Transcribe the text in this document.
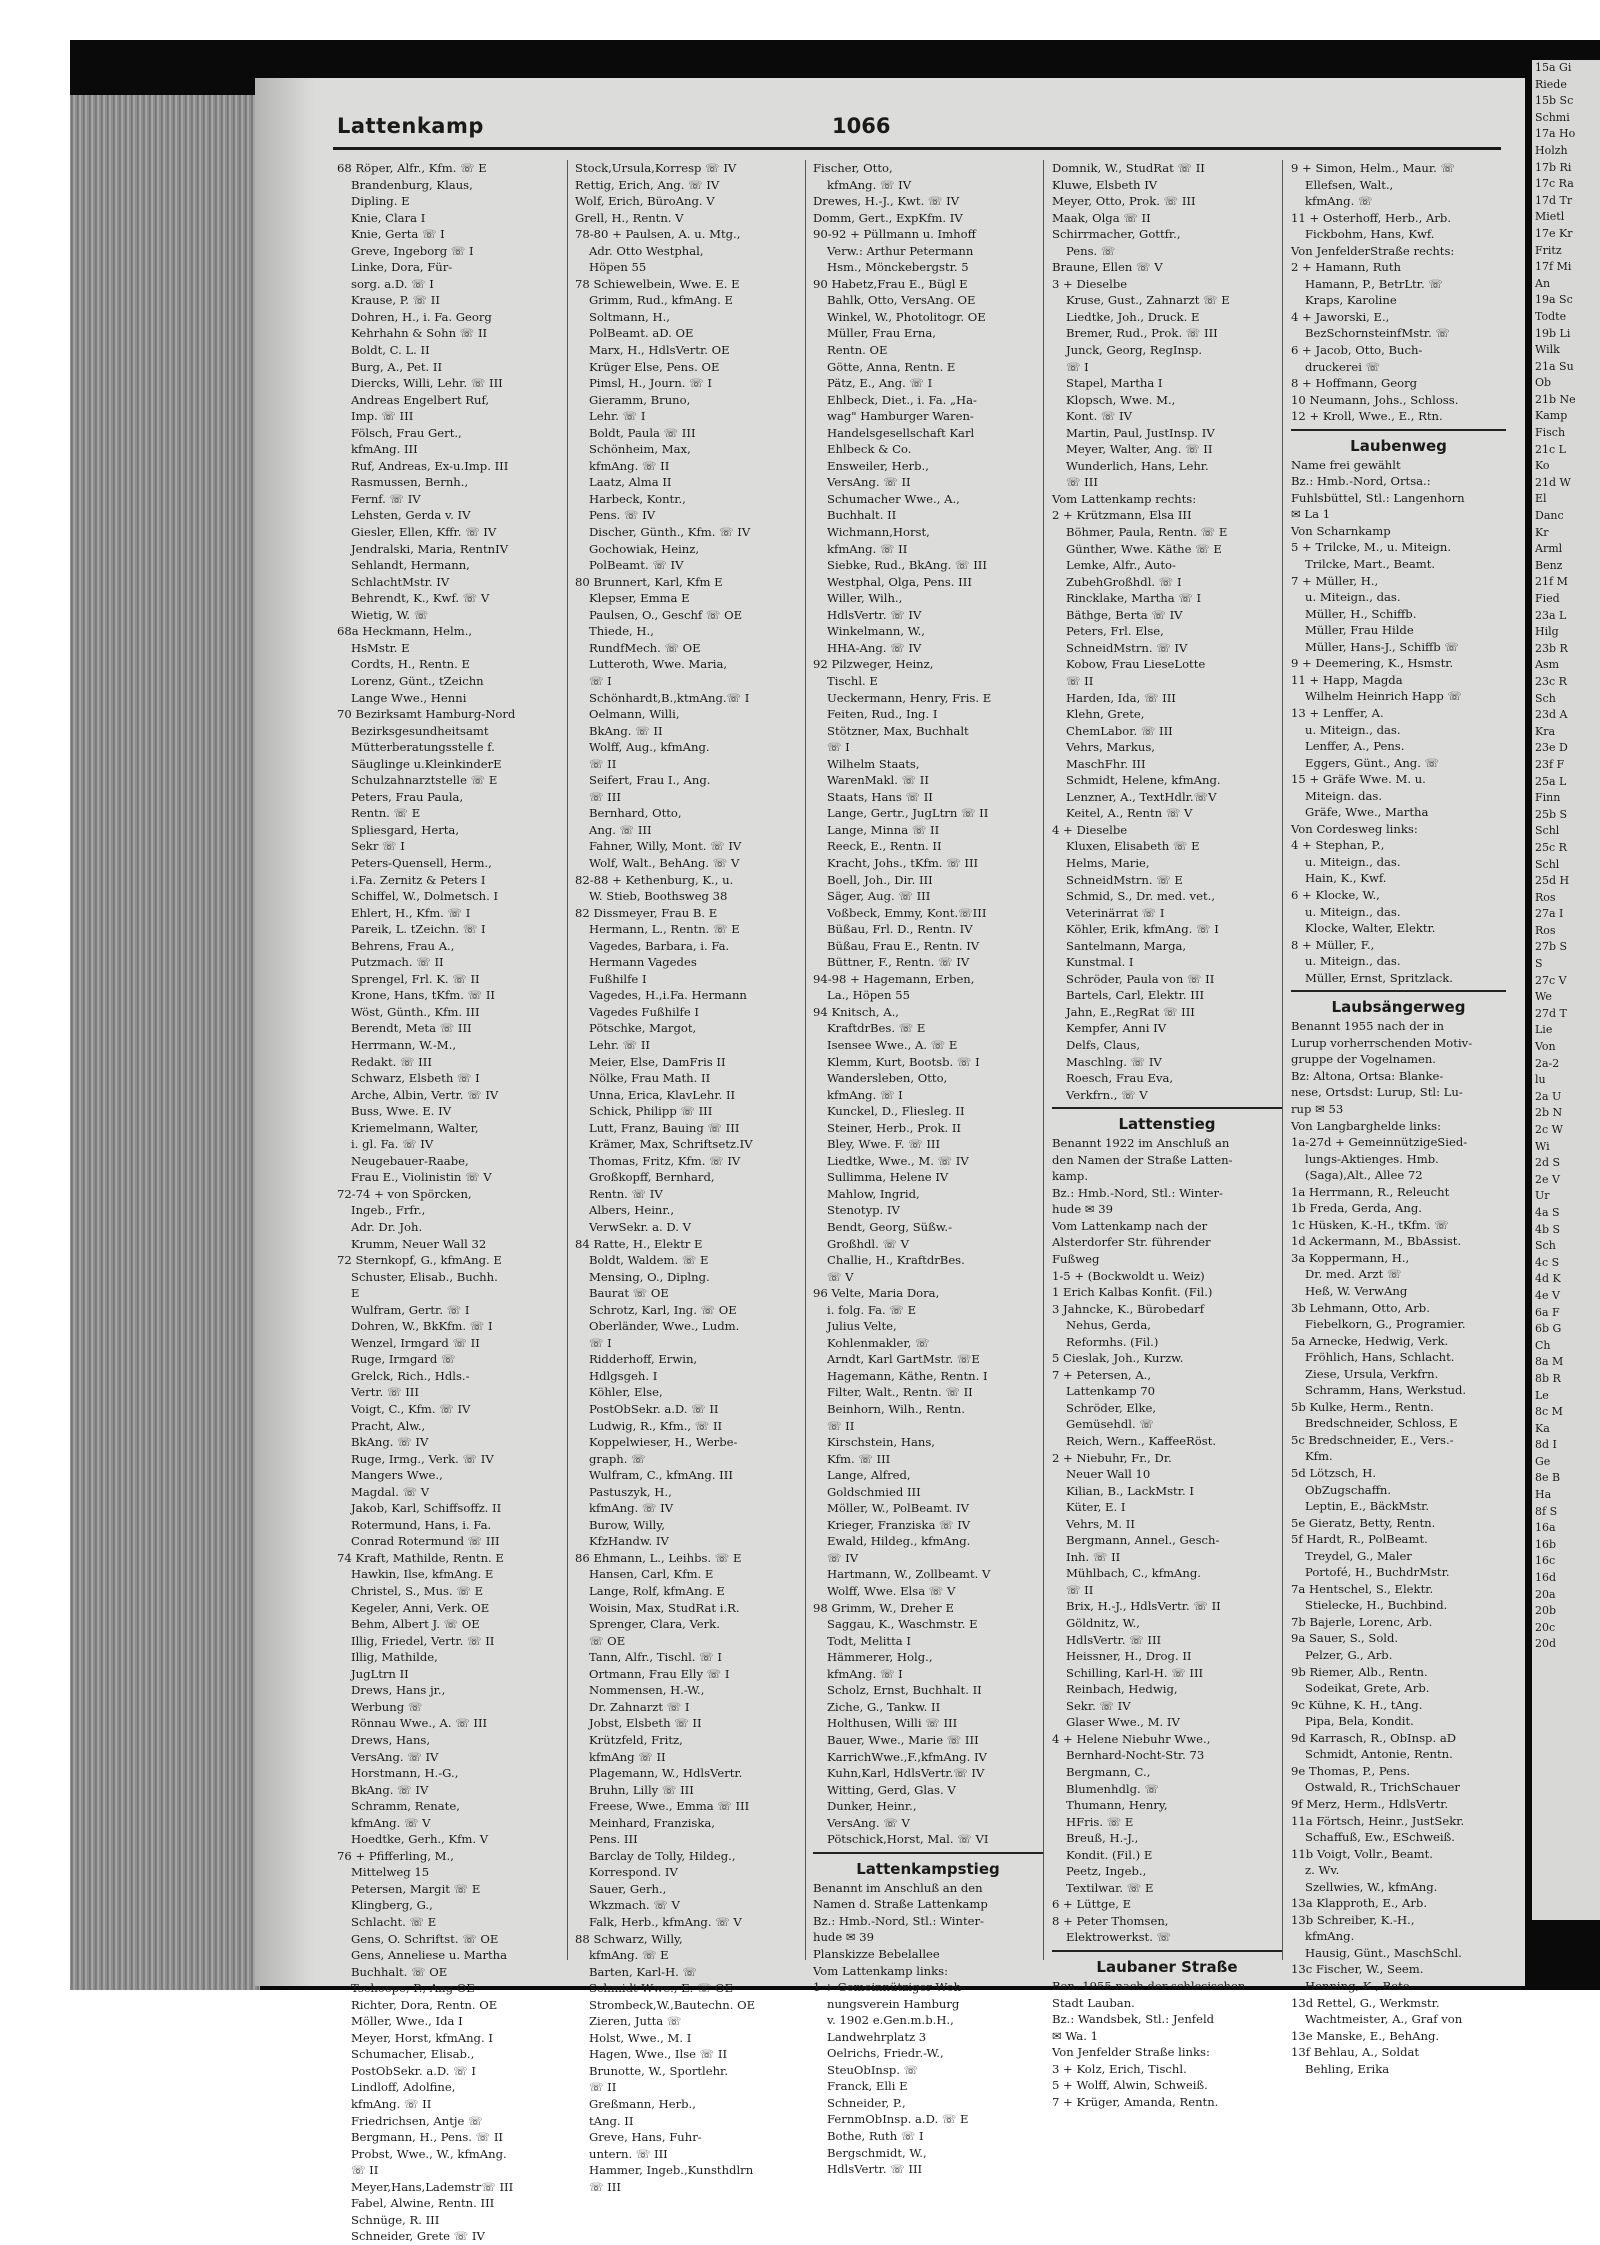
Lattenkamp	1066
68 Röper, Alfr., Kfm. ☏ E
Brandenburg, Klaus,
Dipling. E
Knie, Clara I
Knie, Gerta ☏ I
Greve, Ingeborg ☏ I
Linke, Dora, Für-
sorg. a.D. ☏ I
Krause, P. ☏ II
Dohren, H., i. Fa. Georg
Kehrhahn & Sohn ☏ II
Boldt, C. L. II
Burg, A., Pet. II
Diercks, Willi, Lehr. ☏ III
Andreas Engelbert Ruf,
Imp. ☏ III
Fölsch, Frau Gert.,
kfmAng. III
Ruf, Andreas, Ex-u.Imp. III
Rasmussen, Bernh.,
Fernf. ☏ IV
Lehsten, Gerda v. IV
Giesler, Ellen, Kffr. ☏ IV
Jendralski, Maria, RentnIV
Sehlandt, Hermann,
SchlachtMstr. IV
Behrendt, K., Kwf. ☏ V
Wietig, W. ☏
68a Heckmann, Helm.,
HsMstr. E
Cordts, H., Rentn. E
Lorenz, Günt., tZeichn
Lange Wwe., Henni
70 Bezirksamt Hamburg-Nord
Bezirksgesundheitsamt
Mütterberatungsstelle f.
Säuglinge u.KleinkinderE
Schulzahnarztstelle ☏ E
Peters, Frau Paula,
Rentn. ☏ E
Spliesgard, Herta,
Sekr ☏ I
Peters-Quensell, Herm.,
i.Fa. Zernitz & Peters I
Schiffel, W., Dolmetsch. I
Ehlert, H., Kfm. ☏ I
Pareik, L. tZeichn. ☏ I
Behrens, Frau A.,
Putzmach. ☏ II
Sprengel, Frl. K. ☏ II
Krone, Hans, tKfm. ☏ II
Wöst, Günth., Kfm. III
Berendt, Meta ☏ III
Herrmann, W.-M.,
Redakt. ☏ III
Schwarz, Elsbeth ☏ I
Arche, Albin, Vertr. ☏ IV
Buss, Wwe. E. IV
Kriemelmann, Walter,
i. gl. Fa. ☏ IV
Neugebauer-Raabe,
Frau E., Violinistin ☏ V
72-74 + von Spörcken,
Ingeb., Frfr.,
Adr. Dr. Joh.
Krumm, Neuer Wall 32
72 Sternkopf, G., kfmAng. E
Schuster, Elisab., Buchh.
E
Wulfram, Gertr. ☏ I
Dohren, W., BkKfm. ☏ I
Wenzel, Irmgard ☏ II
Ruge, Irmgard ☏
Grelck, Rich., Hdls.-
Vertr. ☏ III
Voigt, C., Kfm. ☏ IV
Pracht, Alw.,
BkAng. ☏ IV
Ruge, Irmg., Verk. ☏ IV
Mangers Wwe.,
Magdal. ☏ V
Jakob, Karl, Schiffsoffz. II
Rotermund, Hans, i. Fa.
Conrad Rotermund ☏ III
74 Kraft, Mathilde, Rentn. E
Hawkin, Ilse, kfmAng. E
Christel, S., Mus. ☏ E
Kegeler, Anni, Verk. OE
Behm, Albert J. ☏ OE
Illig, Friedel, Vertr. ☏ II
Illig, Mathilde,
JugLtrn II
Drews, Hans jr.,
Werbung ☏
Rönnau Wwe., A. ☏ III
Drews, Hans,
VersAng. ☏ IV
Horstmann, H.-G.,
BkAng. ☏ IV
Schramm, Renate,
kfmAng. ☏ V
Hoedtke, Gerh., Kfm. V
76 + Pfifferling, M.,
Mittelweg 15
Petersen, Margit ☏ E
Klingberg, G.,
Schlacht. ☏ E
Gens, O. Schriftst. ☏ OE
Gens, Anneliese u. Martha
Buchhalt. ☏ OE
Tschoepe, P., Ang OE
Richter, Dora, Rentn. OE
Möller, Wwe., Ida I
Meyer, Horst, kfmAng. I
Schumacher, Elisab.,
PostObSekr. a.D. ☏ I
Lindloff, Adolfine,
kfmAng. ☏ II
Friedrichsen, Antje ☏
Bergmann, H., Pens. ☏ II
Probst, Wwe., W., kfmAng.
☏ II
Meyer,Hans,Lademstr☏ III
Fabel, Alwine, Rentn. III
Schnüge, R. III
Schneider, Grete ☏ IV
Stock,Ursula,Korresp ☏ IV
Rettig, Erich, Ang. ☏ IV
Wolf, Erich, BüroAng. V
Grell, H., Rentn. V
78-80 + Paulsen, A. u. Mtg.,
Adr. Otto Westphal,
Höpen 55
78 Schiewelbein, Wwe. E. E
Grimm, Rud., kfmAng. E
Soltmann, H.,
PolBeamt. aD. OE
Marx, H., HdlsVertr. OE
Krüger Else, Pens. OE
Pimsl, H., Journ. ☏ I
Gieramm, Bruno,
Lehr. ☏ I
Boldt, Paula ☏ III
Schönheim, Max,
kfmAng. ☏ II
Laatz, Alma II
Harbeck, Kontr.,
Pens. ☏ IV
Discher, Günth., Kfm. ☏ IV
Gochowiak, Heinz,
PolBeamt. ☏ IV
80 Brunnert, Karl, Kfm E
Klepser, Emma E
Paulsen, O., Geschf ☏ OE
Thiede, H.,
RundfMech. ☏ OE
Lutteroth, Wwe. Maria,
☏ I
Schönhardt,B.,ktmAng.☏ I
Oelmann, Willi,
BkAng. ☏ II
Wolff, Aug., kfmAng.
☏ II
Seifert, Frau I., Ang.
☏ III
Bernhard, Otto,
Ang. ☏ III
Fahner, Willy, Mont. ☏ IV
Wolf, Walt., BehAng. ☏ V
82-88 + Kethenburg, K., u.
W. Stieb, Boothsweg 38
82 Dissmeyer, Frau B. E
Hermann, L., Rentn. ☏ E
Vagedes, Barbara, i. Fa.
Hermann Vagedes
Fußhilfe I
Vagedes, H.,i.Fa. Hermann
Vagedes Fußhilfe I
Pötschke, Margot,
Lehr. ☏ II
Meier, Else, DamFris II
Nölke, Frau Math. II
Unna, Erica, KlavLehr. II
Schick, Philipp ☏ III
Lutt, Franz, Bauing ☏ III
Krämer, Max, Schriftsetz.IV
Thomas, Fritz, Kfm. ☏ IV
Großkopff, Bernhard,
Rentn. ☏ IV
Albers, Heinr.,
VerwSekr. a. D. V
84 Ratte, H., Elektr E
Boldt, Waldem. ☏ E
Mensing, O., Diplng.
Baurat ☏ OE
Schrotz, Karl, Ing. ☏ OE
Oberländer, Wwe., Ludm.
☏ I
Ridderhoff, Erwin,
Hdlgsgeh. I
Köhler, Else,
PostObSekr. a.D. ☏ II
Ludwig, R., Kfm., ☏ II
Koppelwieser, H., Werbe-
graph. ☏
Wulfram, C., kfmAng. III
Pastuszyk, H.,
kfmAng. ☏ IV
Burow, Willy,
KfzHandw. IV
86 Ehmann, L., Leihbs. ☏ E
Hansen, Carl, Kfm. E
Lange, Rolf, kfmAng. E
Woisin, Max, StudRat i.R.
Sprenger, Clara, Verk.
☏ OE
Tann, Alfr., Tischl. ☏ I
Ortmann, Frau Elly ☏ I
Nommensen, H.-W.,
Dr. Zahnarzt ☏ I
Jobst, Elsbeth ☏ II
Krützfeld, Fritz,
kfmAng ☏ II
Plagemann, W., HdlsVertr.
Bruhn, Lilly ☏ III
Freese, Wwe., Emma ☏ III
Meinhard, Franziska,
Pens. III
Barclay de Tolly, Hildeg.,
Korrespond. IV
Sauer, Gerh.,
Wkzmach. ☏ V
Falk, Herb., kfmAng. ☏ V
88 Schwarz, Willy,
kfmAng. ☏ E
Barten, Karl-H. ☏
Schmidt Wwe., E. ☏ OE
Strombeck,W.,Bautechn. OE
Zieren, Jutta ☏
Holst, Wwe., M. I
Hagen, Wwe., Ilse ☏ II
Brunotte, W., Sportlehr.
☏ II
Greßmann, Herb.,
tAng. II
Greve, Hans, Fuhr-
untern. ☏ III
Hammer, Ingeb.,Kunsthdlrn
☏ III
Fischer, Otto,
kfmAng. ☏ IV
Drewes, H.-J., Kwt. ☏ IV
Domm, Gert., ExpKfm. IV
90-92 + Püllmann u. Imhoff
Verw.: Arthur Petermann
Hsm., Mönckebergstr. 5
90 Habetz,Frau E., Bügl E
Bahlk, Otto, VersAng. OE
Winkel, W., Photolitogr. OE
Müller, Frau Erna,
Rentn. OE
Götte, Anna, Rentn. E
Pätz, E., Ang. ☏ I
Ehlbeck, Diet., i. Fa. „Ha-
wag" Hamburger Waren-
Handelsgesellschaft Karl
Ehlbeck & Co.
Ensweiler, Herb.,
VersAng. ☏ II
Schumacher Wwe., A.,
Buchhalt. II
Wichmann,Horst,
kfmAng. ☏ II
Siebke, Rud., BkAng. ☏ III
Westphal, Olga, Pens. III
Willer, Wilh.,
HdlsVertr. ☏ IV
Winkelmann, W.,
HHA-Ang. ☏ IV
92 Pilzweger, Heinz,
Tischl. E
Ueckermann, Henry, Fris. E
Feiten, Rud., Ing. I
Stötzner, Max, Buchhalt
☏ I
Wilhelm Staats,
WarenMakl. ☏ II
Staats, Hans ☏ II
Lange, Gertr., JugLtrn ☏ II
Lange, Minna ☏ II
Reeck, E., Rentn. II
Kracht, Johs., tKfm. ☏ III
Boell, Joh., Dir. III
Säger, Aug. ☏ III
Voßbeck, Emmy, Kont.☏III
Büßau, Frl. D., Rentn. IV
Büßau, Frau E., Rentn. IV
Büttner, F., Rentn. ☏ IV
94-98 + Hagemann, Erben,
La., Höpen 55
94 Knitsch, A.,
KraftdrBes. ☏ E
Isensee Wwe., A. ☏ E
Klemm, Kurt, Bootsb. ☏ I
Wandersleben, Otto,
kfmAng. ☏ I
Kunckel, D., Fliesleg. II
Steiner, Herb., Prok. II
Bley, Wwe. F. ☏ III
Liedtke, Wwe., M. ☏ IV
Sullimma, Helene IV
Mahlow, Ingrid,
Stenotyp. IV
Bendt, Georg, Süßw.-
Großhdl. ☏ V
Challie, H., KraftdrBes.
☏ V
96 Velte, Maria Dora,
i. folg. Fa. ☏ E
Julius Velte,
Kohlenmakler, ☏
Arndt, Karl GartMstr. ☏E
Hagemann, Käthe, Rentn. I
Filter, Walt., Rentn. ☏ II
Beinhorn, Wilh., Rentn.
☏ II
Kirschstein, Hans,
Kfm. ☏ III
Lange, Alfred,
Goldschmied III
Möller, W., PolBeamt. IV
Krieger, Franziska ☏ IV
Ewald, Hildeg., kfmAng.
☏ IV
Hartmann, W., Zollbeamt. V
Wolff, Wwe. Elsa ☏ V
98 Grimm, W., Dreher E
Saggau, K., Waschmstr. E
Todt, Melitta I
Hämmerer, Holg.,
kfmAng. ☏ I
Scholz, Ernst, Buchhalt. II
Ziche, G., Tankw. II
Holthusen, Willi ☏ III
Bauer, Wwe., Marie ☏ III
KarrichWwe.,F.,kfmAng. IV
Kuhn,Karl, HdlsVertr.☏ IV
Witting, Gerd, Glas. V
Dunker, Heinr.,
VersAng. ☏ V
Pötschick,Horst, Mal. ☏ VI
Lattenkampstieg
Benannt im Anschluß an den
Namen d. Straße Lattenkamp
Bz.: Hmb.-Nord, Stl.: Winter-
hude ✉ 39
Planskizze Bebelallee
Vom Lattenkamp links:
1 + Gemeinnütziger Woh-
nungsverein Hamburg
v. 1902 e.Gen.m.b.H.,
Landwehrplatz 3
Oelrichs, Friedr.-W.,
SteuObInsp. ☏
Franck, Elli E
Schneider, P.,
FernmObInsp. a.D. ☏ E
Bothe, Ruth ☏ I
Bergschmidt, W.,
HdlsVertr. ☏ III
Domnik, W., StudRat ☏ II
Kluwe, Elsbeth IV
Meyer, Otto, Prok. ☏ III
Maak, Olga ☏ II
Schirrmacher, Gottfr.,
Pens. ☏
Braune, Ellen ☏ V
3 + Dieselbe
Kruse, Gust., Zahnarzt ☏ E
Liedtke, Joh., Druck. E
Bremer, Rud., Prok. ☏ III
Junck, Georg, RegInsp.
☏ I
Stapel, Martha I
Klopsch, Wwe. M.,
Kont. ☏ IV
Martin, Paul, JustInsp. IV
Meyer, Walter, Ang. ☏ II
Wunderlich, Hans, Lehr.
☏ III
Vom Lattenkamp rechts:
2 + Krützmann, Elsa III
Böhmer, Paula, Rentn. ☏ E
Günther, Wwe. Käthe ☏ E
Lemke, Alfr., Auto-
ZubehGroßhdl. ☏ I
Rincklake, Martha ☏ I
Bäthge, Berta ☏ IV
Peters, Frl. Else,
SchneidMstrn. ☏ IV
Kobow, Frau LieseLotte
☏ II
Harden, Ida, ☏ III
Klehn, Grete,
ChemLabor. ☏ III
Vehrs, Markus,
MaschFhr. III
Schmidt, Helene, kfmAng.
Lenzner, A., TextHdlr.☏V
Keitel, A., Rentn ☏ V
4 + Dieselbe
Kluxen, Elisabeth ☏ E
Helms, Marie,
SchneidMstrn. ☏ E
Schmid, S., Dr. med. vet.,
Veterinärrat ☏ I
Köhler, Erik, kfmAng. ☏ I
Santelmann, Marga,
Kunstmal. I
Schröder, Paula von ☏ II
Bartels, Carl, Elektr. III
Jahn, E.,RegRat ☏ III
Kempfer, Anni IV
Delfs, Claus,
Maschlng. ☏ IV
Roesch, Frau Eva,
Verkfrn., ☏ V
Lattenstieg
Benannt 1922 im Anschluß an
den Namen der Straße Latten-
kamp.
Bz.: Hmb.-Nord, Stl.: Winter-
hude ✉ 39
Vom Lattenkamp nach der
Alsterdorfer Str. führender
Fußweg
1-5 + (Bockwoldt u. Weiz)
1 Erich Kalbas Konfit. (Fil.)
3 Jahncke, K., Bürobedarf
Nehus, Gerda,
Reformhs. (Fil.)
5 Cieslak, Joh., Kurzw.
7 + Petersen, A.,
Lattenkamp 70
Schröder, Elke,
Gemüsehdl. ☏
Reich, Wern., KaffeeRöst.
2 + Niebuhr, Fr., Dr.
Neuer Wall 10
Kilian, B., LackMstr. I
Küter, E. I
Vehrs, M. II
Bergmann, Annel., Gesch-
Inh. ☏ II
Mühlbach, C., kfmAng.
☏ II
Brix, H.-J., HdlsVertr. ☏ II
Göldnitz, W.,
HdlsVertr. ☏ III
Heissner, H., Drog. II
Schilling, Karl-H. ☏ III
Reinbach, Hedwig,
Sekr. ☏ IV
Glaser Wwe., M. IV
4 + Helene Niebuhr Wwe.,
Bernhard-Nocht-Str. 73
Bergmann, C.,
Blumenhdlg. ☏
Thumann, Henry,
HFris. ☏ E
Breuß, H.-J.,
Kondit. (Fil.) E
Peetz, Ingeb.,
Textilwar. ☏ E
6 + Lüttge, E
8 + Peter Thomsen,
Elektrowerkst. ☏
Laubaner Straße
Ben. 1955 nach der schlesischen
Stadt Lauban.
Bz.: Wandsbek, Stl.: Jenfeld
✉ Wa. 1
Von Jenfelder Straße links:
3 + Kolz, Erich, Tischl.
5 + Wolff, Alwin, Schweiß.
7 + Krüger, Amanda, Rentn.
9 + Simon, Helm., Maur. ☏
Ellefsen, Walt.,
kfmAng. ☏
11 + Osterhoff, Herb., Arb.
Fickbohm, Hans, Kwf.
Von JenfelderStraße rechts:
2 + Hamann, Ruth
Hamann, P., BetrLtr. ☏
Kraps, Karoline
4 + Jaworski, E.,
BezSchornsteinfMstr. ☏
6 + Jacob, Otto, Buch-
druckerei ☏
8 + Hoffmann, Georg
10 Neumann, Johs., Schloss.
12 + Kroll, Wwe., E., Rtn.
Laubenweg
Name frei gewählt
Bz.: Hmb.-Nord, Ortsa.:
Fuhlsbüttel, Stl.: Langenhorn
✉ La 1
Von Scharnkamp
5 + Trilcke, M., u. Miteign.
Trilcke, Mart., Beamt.
7 + Müller, H.,
u. Miteign., das.
Müller, H., Schiffb.
Müller, Frau Hilde
Müller, Hans-J., Schiffb ☏
9 + Deemering, K., Hsmstr.
11 + Happ, Magda
Wilhelm Heinrich Happ ☏
13 + Lenffer, A.
u. Miteign., das.
Lenffer, A., Pens.
Eggers, Günt., Ang. ☏
15 + Gräfe Wwe. M. u.
Miteign. das.
Gräfe, Wwe., Martha
Von Cordesweg links:
4 + Stephan, P.,
u. Miteign., das.
Hain, K., Kwf.
6 + Klocke, W.,
u. Miteign., das.
Klocke, Walter, Elektr.
8 + Müller, F.,
u. Miteign., das.
Müller, Ernst, Spritzlack.
Laubsängerweg
Benannt 1955 nach der in
Lurup vorherrschenden Motiv-
gruppe der Vogelnamen.
Bz: Altona, Ortsa: Blanke-
nese, Ortsdst: Lurup, Stl: Lu-
rup ✉ 53
Von Langbarghelde links:
1a-27d + GemeinnützigeSied-
lungs-Aktienges. Hmb.
(Saga),Alt., Allee 72
1a Herrmann, R., Releucht
1b Freda, Gerda, Ang.
1c Hüsken, K.-H., tKfm. ☏
1d Ackermann, M., BbAssist.
3a Koppermann, H.,
Dr. med. Arzt ☏
Heß, W. VerwAng
3b Lehmann, Otto, Arb.
Fiebelkorn, G., Programier.
5a Arnecke, Hedwig, Verk.
Fröhlich, Hans, Schlacht.
Ziese, Ursula, Verkfrn.
Schramm, Hans, Werkstud.
5b Kulke, Herm., Rentn.
Bredschneider, Schloss, E
5c Bredschneider, E., Vers.-
Kfm.
5d Lötzsch, H.
ObZugschaffn.
Leptin, E., BäckMstr.
5e Gieratz, Betty, Rentn.
5f Hardt, R., PolBeamt.
Treydel, G., Maler
Portofé, H., BuchdrMstr.
7a Hentschel, S., Elektr.
Stielecke, H., Buchbind.
7b Bajerle, Lorenc, Arb.
9a Sauer, S., Sold.
Pelzer, G., Arb.
9b Riemer, Alb., Rentn.
Sodeikat, Grete, Arb.
9c Kühne, K. H., tAng.
Pipa, Bela, Kondit.
9d Karrasch, R., ObInsp. aD
Schmidt, Antonie, Rentn.
9e Thomas, P., Pens.
Ostwald, R., TrichSchauer
9f Merz, Herm., HdlsVertr.
11a Förtsch, Heinr., JustSekr.
Schaffuß, Ew., ESchweiß.
11b Voigt, Vollr., Beamt.
z. Wv.
Szellwies, W., kfmAng.
13a Klapproth, E., Arb.
13b Schreiber, K.-H.,
kfmAng.
Hausig, Günt., MaschSchl.
13c Fischer, W., Seem.
Henning, K., Bote
13d Rettel, G., Werkmstr.
Wachtmeister, A., Graf von
13e Manske, E., BehAng.
13f Behlau, A., Soldat
Behling, Erika
15a Gi
Riede
15b Sc
Schmi
17a Ho
Holzh
17b Ri
17c Ra
17d Tr
Mietl
17e Kr
Fritz
17f Mi
An
19a Sc
Todte
19b Li
Wilk
21a Su
Ob
21b Ne
Kamp
Fisch
21c L
Ko
21d W
El
Danc
Kr
Arml
Benz
21f M
Fied
23a L
Hilg
23b R
Asm
23c R
Sch
23d A
Kra
23e D
23f F
25a L
Finn
25b S
Schl
25c R
Schl
25d H
Ros
27a I
Ros
27b S
S
27c V
We
27d T
Lie
Von
2a-2
lu
2a U
2b N
2c W
Wi
2d S
2e V
Ur
4a S
4b S
Sch
4c S
4d K
4e V
6a F
6b G
Ch
8a M
8b R
Le
8c M
Ka
8d I
Ge
8e B
Ha
8f S
16a
16b
16c
16d
20a
20b
20c
20d
